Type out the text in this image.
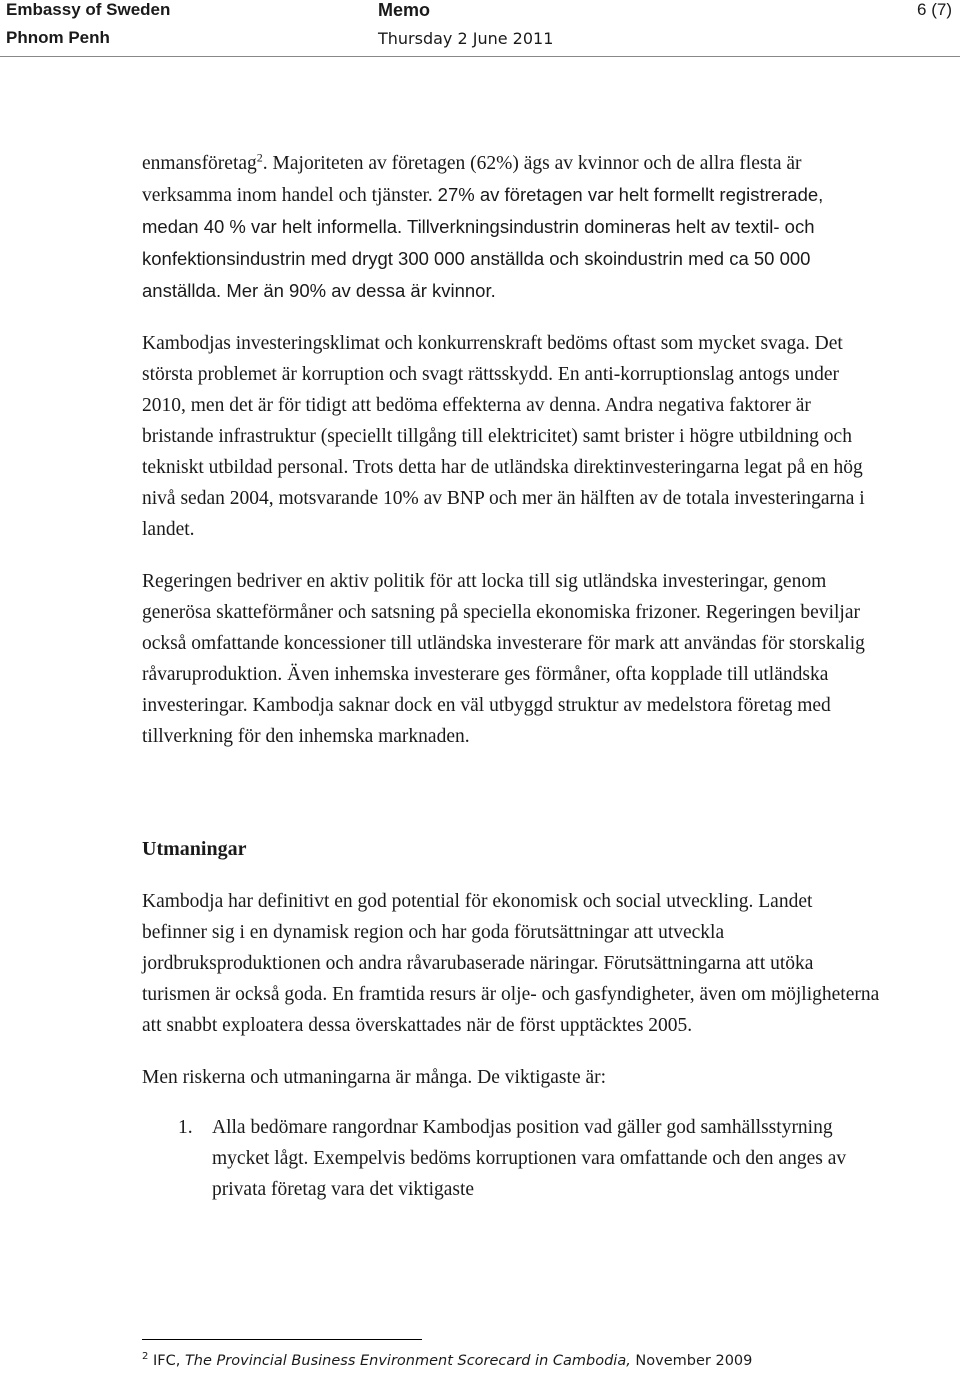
Embassy of Sweden
Phnom Penh
Memo
Thursday 2 June 2011
6 (7)

enmansföretag$^2$. Majoriteten av företagen (62%) ägs av kvinnor och de allra flesta är verksamma inom handel och tjänster. 27% av företagen var helt formellt registrerade, medan 40 % var helt informella. Tillverkningsindustrin domineras helt av textil- och konfektionsindustrin med drygt 300 000 anställda och skoindustrin med ca 50 000 anställda. Mer än 90% av dessa är kvinnor.

Kambodjas investeringsklimat och konkurrenskraft bedöms oftast som mycket svaga. Det största problemet är korruption och svagt rättsskydd. En anti-korruptionslag antogs under 2010, men det är för tidigt att bedöma effekterna av denna. Andra negativa faktorer är bristande infrastruktur (speciellt tillgång till elektricitet) samt brister i högre utbildning och tekniskt utbildad personal. Trots detta har de utländska direktinvesteringarna legat på en hög nivå sedan 2004, motsvarande 10% av BNP och mer än hälften av de totala investeringarna i landet.

Regeringen bedriver en aktiv politik för att locka till sig utländska investeringar, genom generösa skatteförmåner och satsning på speciella ekonomiska frizoner. Regeringen beviljar också omfattande koncessioner till utländska investerare för mark att användas för storskalig råvaruproduktion. Även inhemska investerare ges förmåner, ofta kopplade till utländska investeringar. Kambodja saknar dock en väl utbyggd struktur av medelstora företag med tillverkning för den inhemska marknaden.

Utmaningar

Kambodja har definitivt en god potential för ekonomisk och social utveckling. Landet befinner sig i en dynamisk region och har goda förutsättningar att utveckla jordbruksproduktionen och andra råvarubaserade näringar. Förutsättningarna att utöka turismen är också goda. En framtida resurs är olje- och gasfyndigheter, även om möjligheterna att snabbt exploatera dessa överskattades när de först upptäcktes 2005.

Men riskerna och utmaningarna är många. De viktigaste är:

1. Alla bedömare rangordnar Kambodjas position vad gäller god samhällsstyrning mycket lågt. Exempelvis bedöms korruptionen vara omfattande och den anges av privata företag vara det viktigaste
$^2$ IFC, The Provincial Business Environment Scorecard in Cambodia, November 2009
